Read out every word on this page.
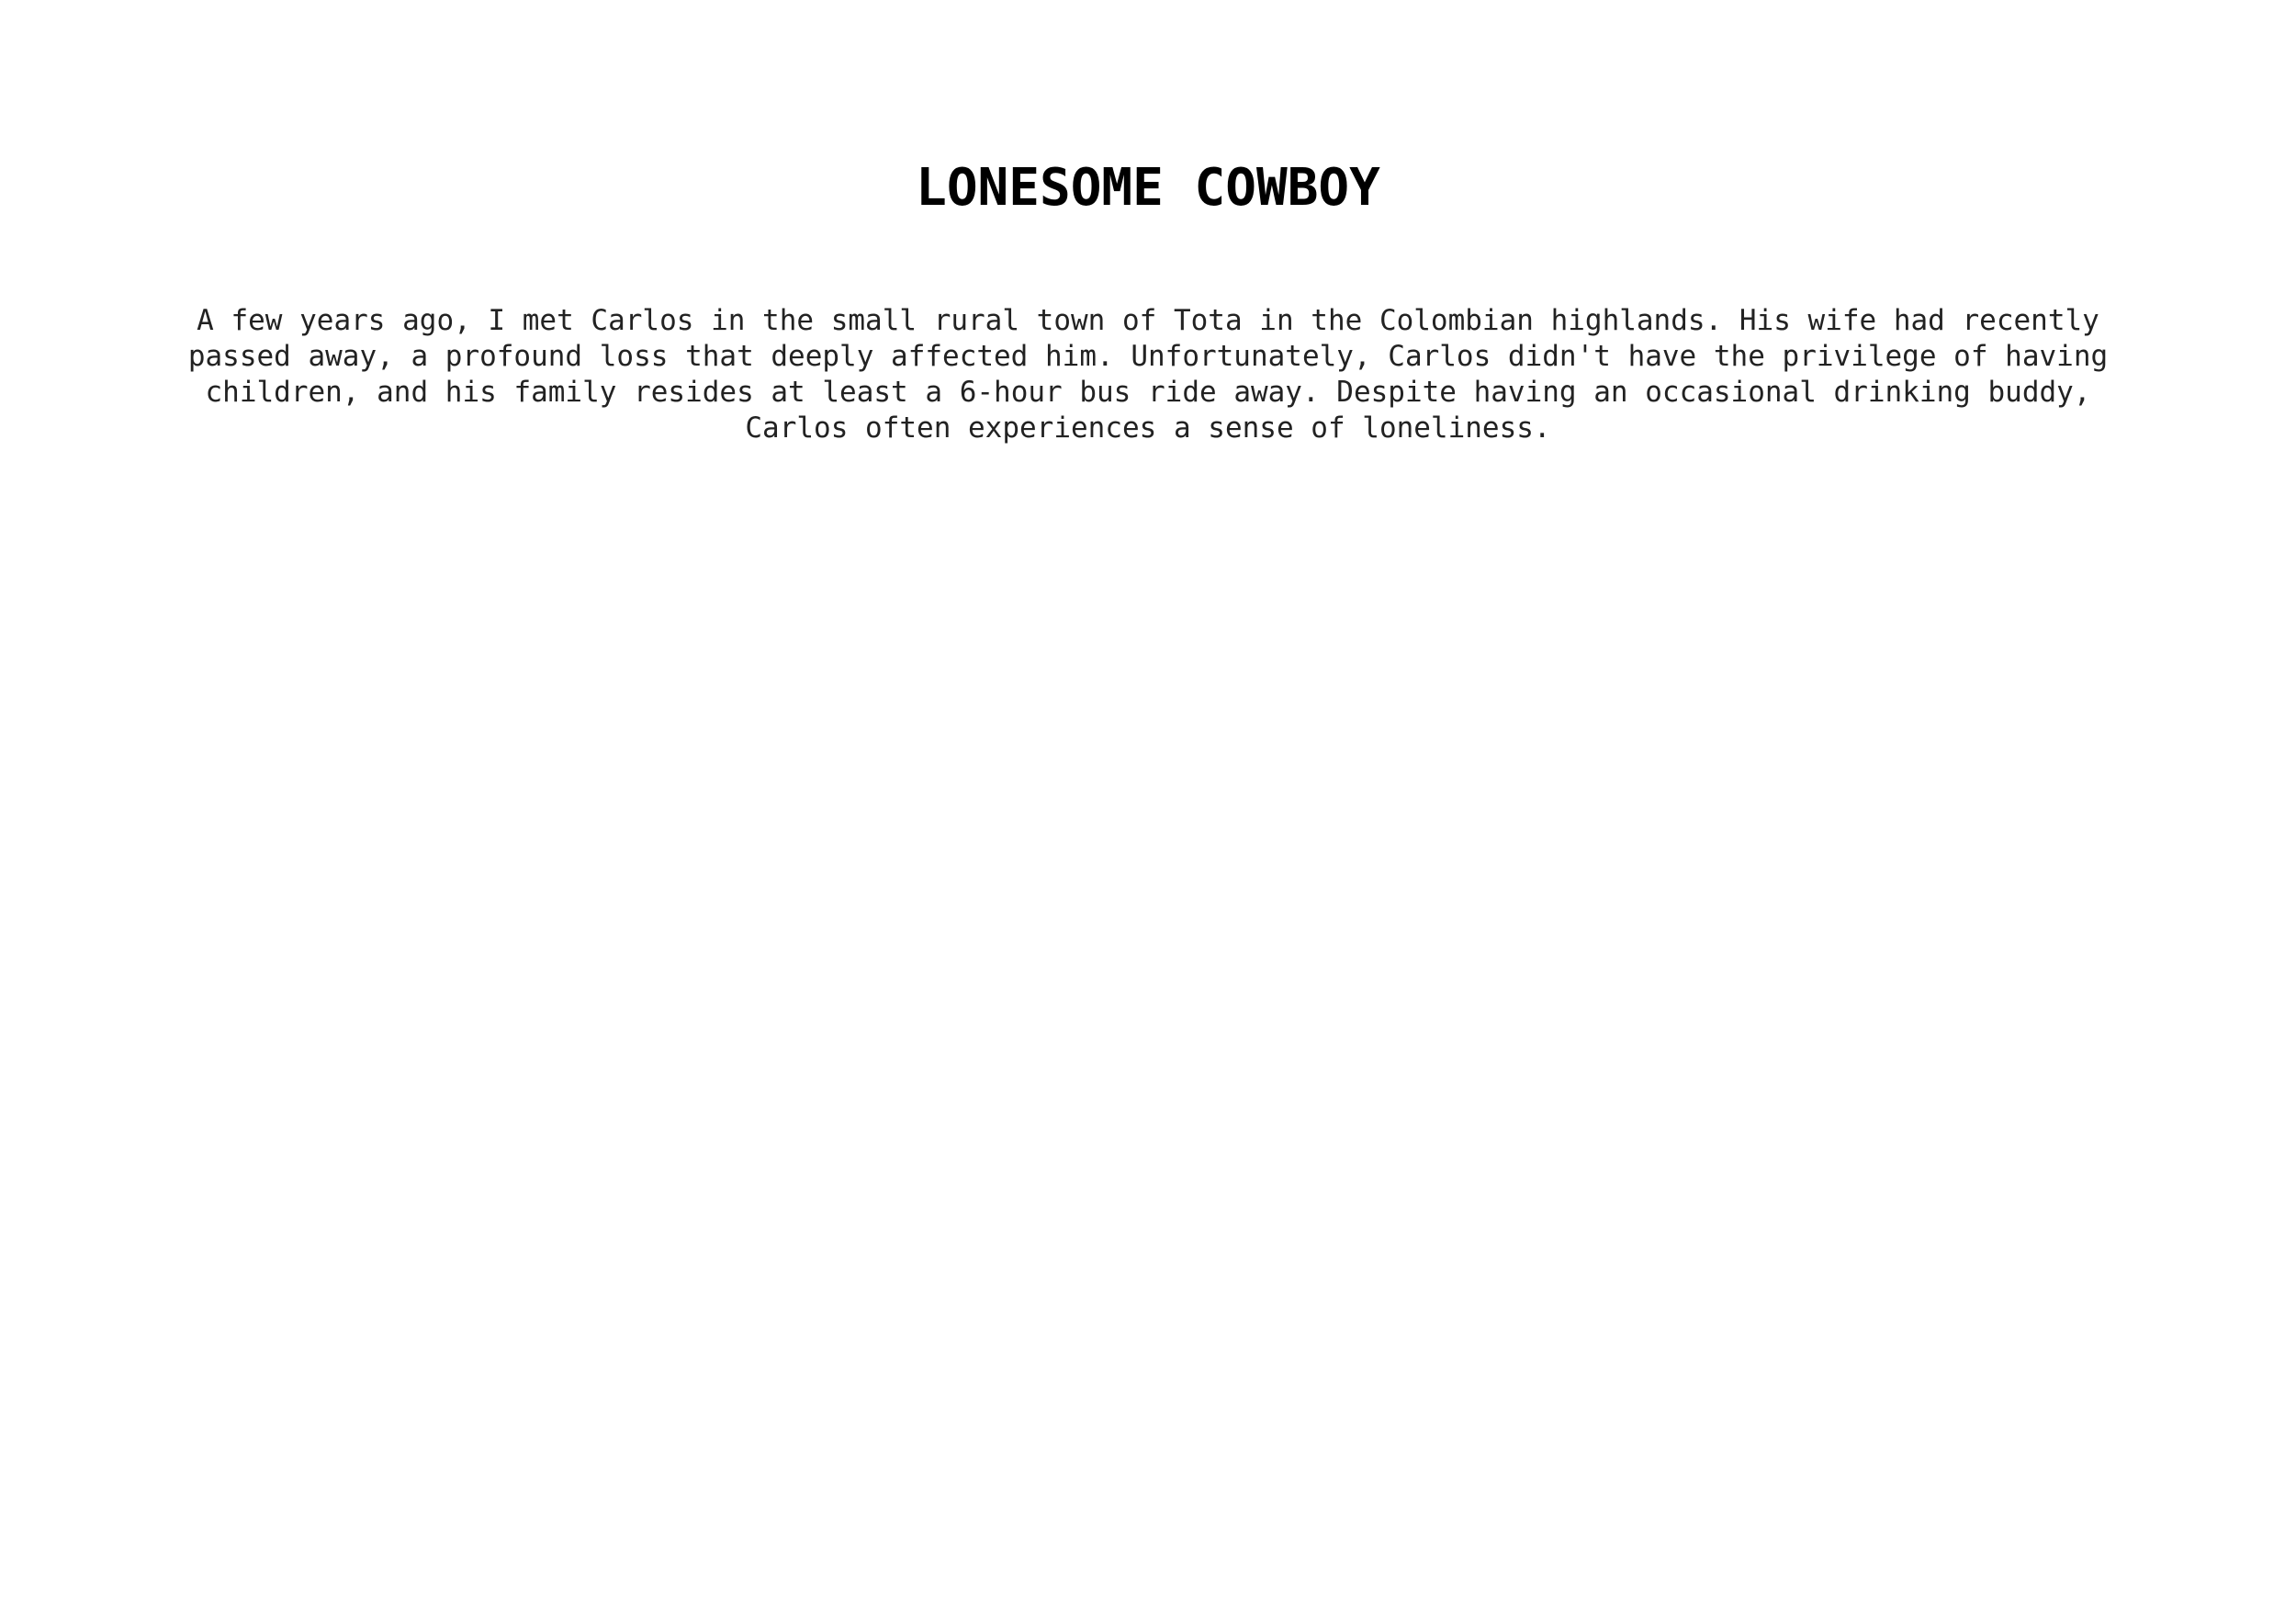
LONESOME COWBOY

A few years ago, I met Carlos in the small rural town of Tota in the Colombian highlands. His wife had recently passed away, a profound loss that deeply affected him. Unfortunately, Carlos didn't have the privilege of having children, and his family resides at least a 6-hour bus ride away. Despite having an occasional drinking buddy, Carlos often experiences a sense of loneliness.
